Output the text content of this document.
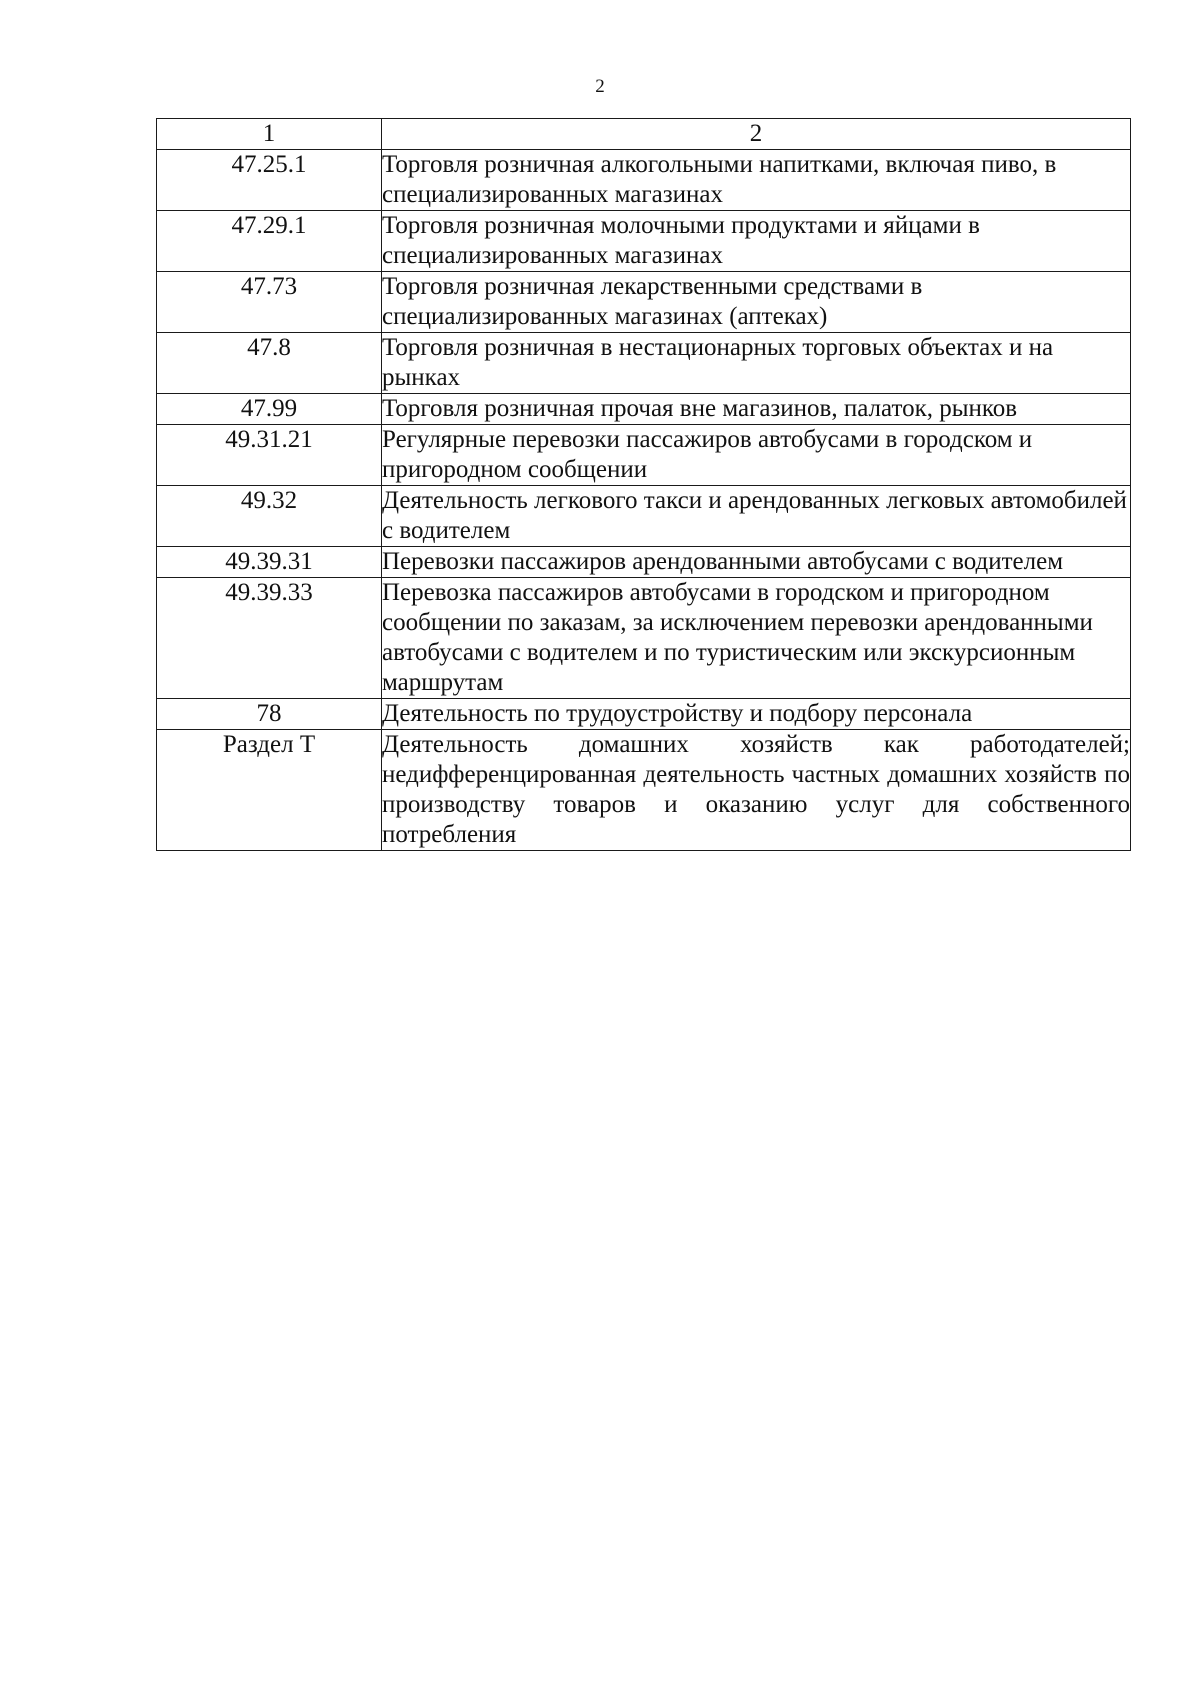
2
1	2
47.25.1	Торговля розничная алкогольными напитками, включая пиво, в специализированных магазинах
47.29.1	Торговля розничная молочными продуктами и яйцами в специализированных магазинах
47.73	Торговля розничная лекарственными средствами в специализированных магазинах (аптеках)
47.8	Торговля розничная в нестационарных торговых объектах и на рынках
47.99	Торговля розничная прочая вне магазинов, палаток, рынков
49.31.21	Регулярные перевозки пассажиров автобусами в городском и пригородном сообщении
49.32	Деятельность легкового такси и арендованных легковых автомобилей с водителем
49.39.31	Перевозки пассажиров арендованными автобусами с водителем
49.39.33	Перевозка пассажиров автобусами в городском и пригородном сообщении по заказам, за исключением перевозки арендованными автобусами с водителем и по туристическим или экскурсионным маршрутам
78	Деятельность по трудоустройству и подбору персонала
Раздел Т	Деятельность домашних хозяйств как работодателей; недифференцированная деятельность частных домашних хозяйств по производству товаров и оказанию услуг для собственного потребления
